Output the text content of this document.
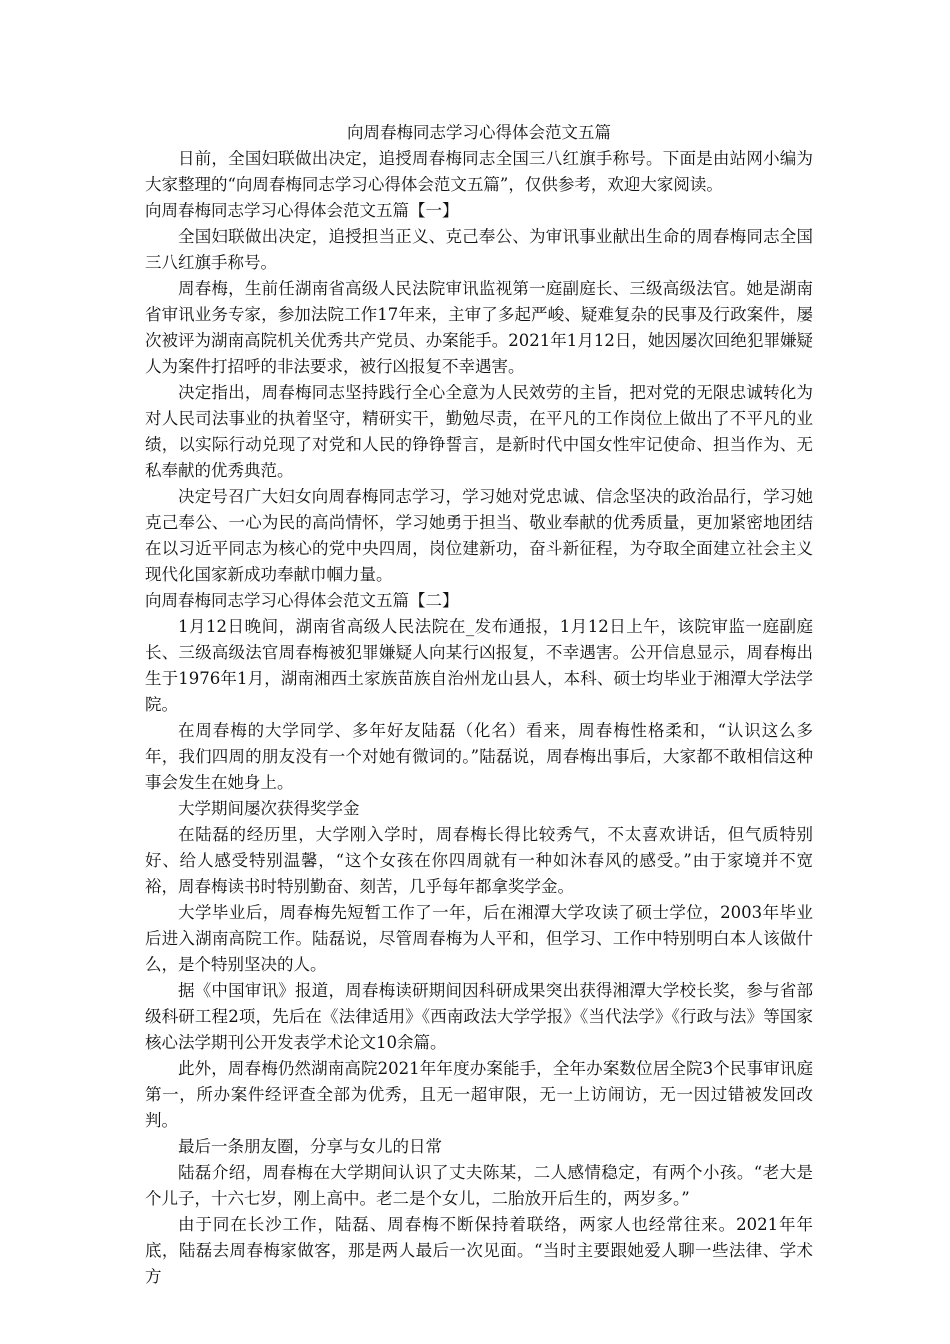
向周春梅同志学习心得体会范文五篇

日前，全国妇联做出决定，追授周春梅同志全国三八红旗手称号。下面是由站网小编为大家整理的“向周春梅同志学习心得体会范文五篇”，仅供参考，欢迎大家阅读。

向周春梅同志学习心得体会范文五篇【一】

全国妇联做出决定，追授担当正义、克己奉公、为审讯事业献出生命的周春梅同志全国三八红旗手称号。

周春梅，生前任湖南省高级人民法院审讯监视第一庭副庭长、三级高级法官。她是湖南省审讯业务专家，参加法院工作17年来，主审了多起严峻、疑难复杂的民事及行政案件，屡次被评为湖南高院机关优秀共产党员、办案能手。2021年1月12日，她因屡次回绝犯罪嫌疑人为案件打招呼的非法要求，被行凶报复不幸遇害。

决定指出，周春梅同志坚持践行全心全意为人民效劳的主旨，把对党的无限忠诚转化为对人民司法事业的执着坚守，精研实干，勤勉尽责，在平凡的工作岗位上做出了不平凡的业绩，以实际行动兑现了对党和人民的铮铮誓言，是新时代中国女性牢记使命、担当作为、无私奉献的优秀典范。

决定号召广大妇女向周春梅同志学习，学习她对党忠诚、信念坚决的政治品行，学习她克己奉公、一心为民的高尚情怀，学习她勇于担当、敬业奉献的优秀质量，更加紧密地团结在以习近平同志为核心的党中央四周，岗位建新功，奋斗新征程，为夺取全面建立社会主义现代化国家新成功奉献巾帼力量。

向周春梅同志学习心得体会范文五篇【二】

1月12日晚间，湖南省高级人民法院在_发布通报，1月12日上午，该院审监一庭副庭长、三级高级法官周春梅被犯罪嫌疑人向某行凶报复，不幸遇害。公开信息显示，周春梅出生于1976年1月，湖南湘西土家族苗族自治州龙山县人，本科、硕士均毕业于湘潭大学法学院。

在周春梅的大学同学、多年好友陆磊（化名）看来，周春梅性格柔和，“认识这么多年，我们四周的朋友没有一个对她有微词的。”陆磊说，周春梅出事后，大家都不敢相信这种事会发生在她身上。

大学期间屡次获得奖学金

在陆磊的经历里，大学刚入学时，周春梅长得比较秀气，不太喜欢讲话，但气质特别好、给人感受特别温馨，“这个女孩在你四周就有一种如沐春风的感受。”由于家境并不宽裕，周春梅读书时特别勤奋、刻苦，几乎每年都拿奖学金。

大学毕业后，周春梅先短暂工作了一年，后在湘潭大学攻读了硕士学位，2003年毕业后进入湖南高院工作。陆磊说，尽管周春梅为人平和，但学习、工作中特别明白本人该做什么，是个特别坚决的人。

据《中国审讯》报道，周春梅读研期间因科研成果突出获得湘潭大学校长奖，参与省部级科研工程2项，先后在《法律适用》《西南政法大学学报》《当代法学》《行政与法》等国家核心法学期刊公开发表学术论文10余篇。

此外，周春梅仍然湖南高院2021年年度办案能手，全年办案数位居全院3个民事审讯庭第一，所办案件经评查全部为优秀，且无一超审限，无一上访闹访，无一因过错被发回改判。

最后一条朋友圈，分享与女儿的日常

陆磊介绍，周春梅在大学期间认识了丈夫陈某，二人感情稳定，有两个小孩。“老大是个儿子，十六七岁，刚上高中。老二是个女儿，二胎放开后生的，两岁多。”

由于同在长沙工作，陆磊、周春梅不断保持着联络，两家人也经常往来。2021年年底，陆磊去周春梅家做客，那是两人最后一次见面。“当时主要跟她爱人聊一些法律、学术方
